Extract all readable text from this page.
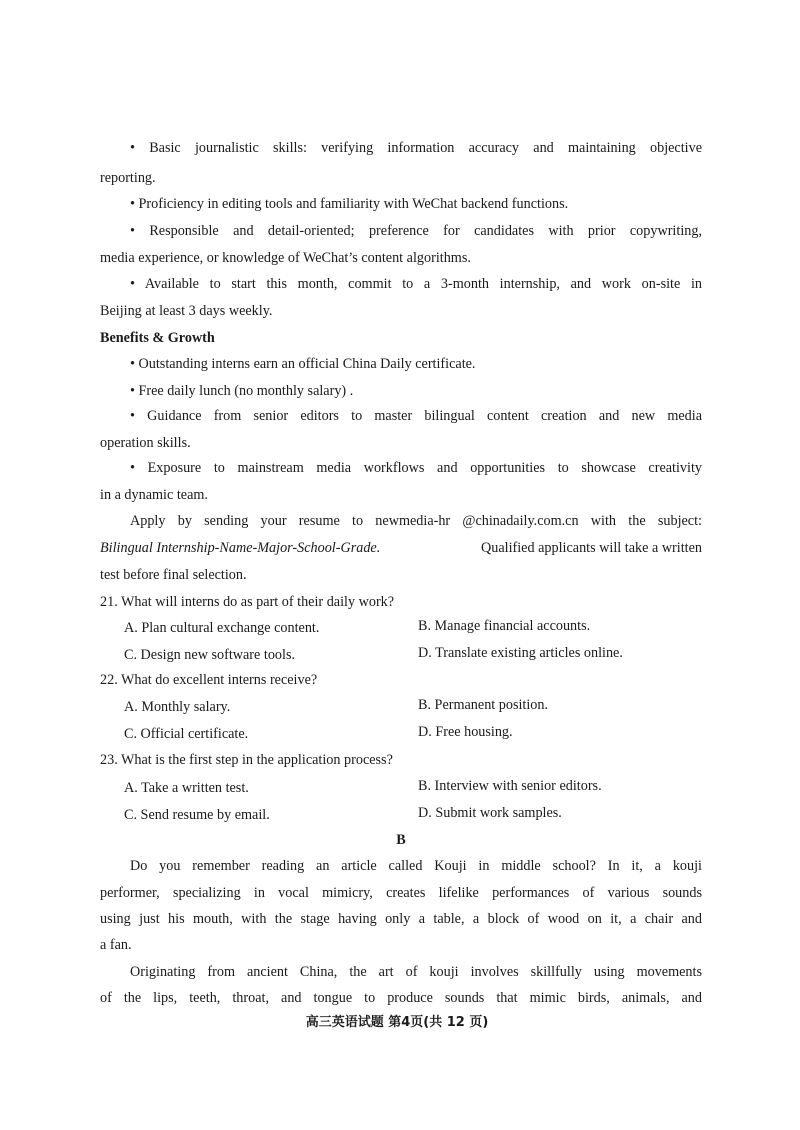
• Basic journalistic skills: verifying information accuracy and maintaining objective
reporting.
• Proficiency in editing tools and familiarity with WeChat backend functions.
• Responsible and detail-oriented; preference for candidates with prior copywriting,
media experience, or knowledge of WeChat’s content algorithms.
• Available to start this month, commit to a 3-month internship, and work on-site in
Beijing at least 3 days weekly.
Benefits & Growth
• Outstanding interns earn an official China Daily certificate.
• Free daily lunch (no monthly salary) .
• Guidance from senior editors to master bilingual content creation and new media
operation skills.
• Exposure to mainstream media workflows and opportunities to showcase creativity
in a dynamic team.
Apply by sending your resume to newmedia-hr @chinadaily.com.cn with the subject:
Bilingual Internship-Name-Major-School-Grade.	Qualified applicants will take a written
test before final selection.
21. What will interns do as part of their daily work?
A. Plan cultural exchange content.	B. Manage financial accounts.
C. Design new software tools.	D. Translate existing articles online.
22. What do excellent interns receive?
A. Monthly salary.	B. Permanent position.
C. Official certificate.	D. Free housing.
23. What is the first step in the application process?
A. Take a written test.	B. Interview with senior editors.
C. Send resume by email.	D. Submit work samples.
B
Do you remember reading an article called Kouji in middle school? In it, a kouji
performer, specializing in vocal mimicry, creates lifelike performances of various sounds
using just his mouth, with the stage having only a table, a block of wood on it, a chair and
a fan.
Originating from ancient China, the art of kouji involves skillfully using movements
of the lips, teeth, throat, and tongue to produce sounds that mimic birds, animals, and
高三英语试题 第4页(共 12 页)
